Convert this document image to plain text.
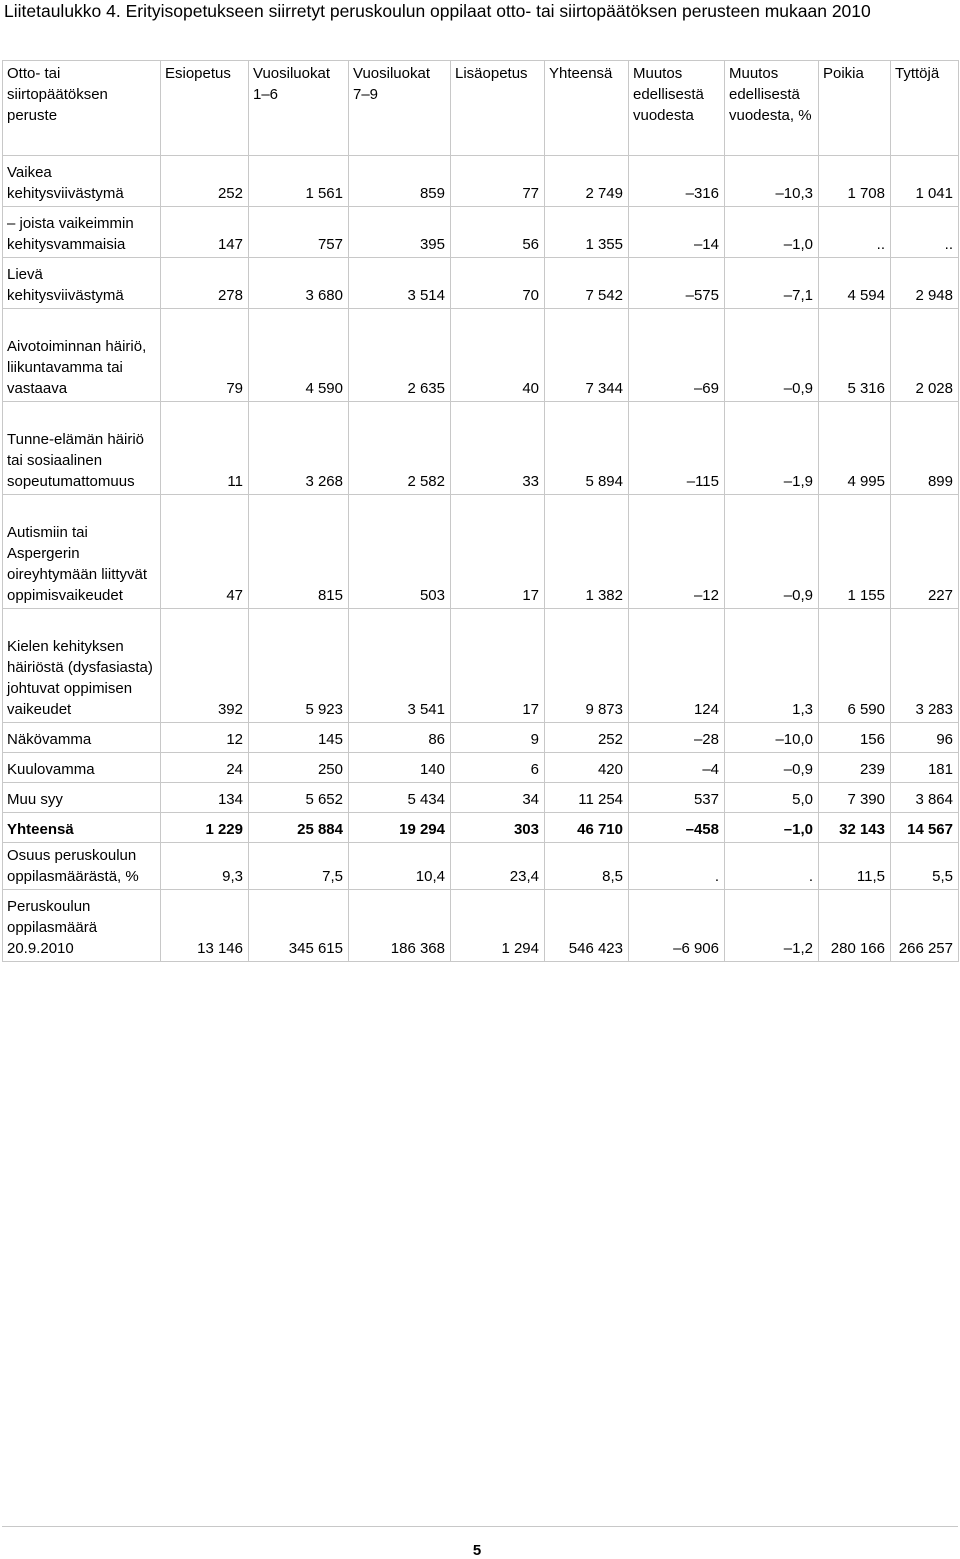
Liitetaulukko 4. Erityisopetukseen siirretyt peruskoulun oppilaat otto- tai siirtopäätöksen perusteen mukaan 2010
Otto- tai siirtopäätöksen peruste	Esiopetus	Vuosiluokat 1–6	Vuosiluokat 7–9	Lisäopetus	Yhteensä	Muutos edellisestä vuodesta	Muutos edellisestä vuodesta, %	Poikia	Tyttöjä
Vaikea kehitysviivästymä	252	1 561	859	77	2 749	–316	–10,3	1 708	1 041
– joista vaikeimmin kehitysvammaisia	147	757	395	56	1 355	–14	–1,0	..	..
Lievä kehitysviivästymä	278	3 680	3 514	70	7 542	–575	–7,1	4 594	2 948
Aivotoiminnan häiriö, liikuntavamma tai vastaava	79	4 590	2 635	40	7 344	–69	–0,9	5 316	2 028
Tunne-elämän häiriö tai sosiaalinen sopeutumattomuus	11	3 268	2 582	33	5 894	–115	–1,9	4 995	899
Autismiin tai Aspergerin oireyhtymään liittyvät oppimisvaikeudet	47	815	503	17	1 382	–12	–0,9	1 155	227
Kielen kehityksen häiriöstä (dysfasiasta) johtuvat oppimisen vaikeudet	392	5 923	3 541	17	9 873	124	1,3	6 590	3 283
Näkövamma	12	145	86	9	252	–28	–10,0	156	96
Kuulovamma	24	250	140	6	420	–4	–0,9	239	181
Muu syy	134	5 652	5 434	34	11 254	537	5,0	7 390	3 864
Yhteensä	1 229	25 884	19 294	303	46 710	–458	–1,0	32 143	14 567
Osuus peruskoulun oppilasmäärästä, %	9,3	7,5	10,4	23,4	8,5	.	.	11,5	5,5
Peruskoulun oppilasmäärä 20.9.2010	13 146	345 615	186 368	1 294	546 423	–6 906	–1,2	280 166	266 257
5
